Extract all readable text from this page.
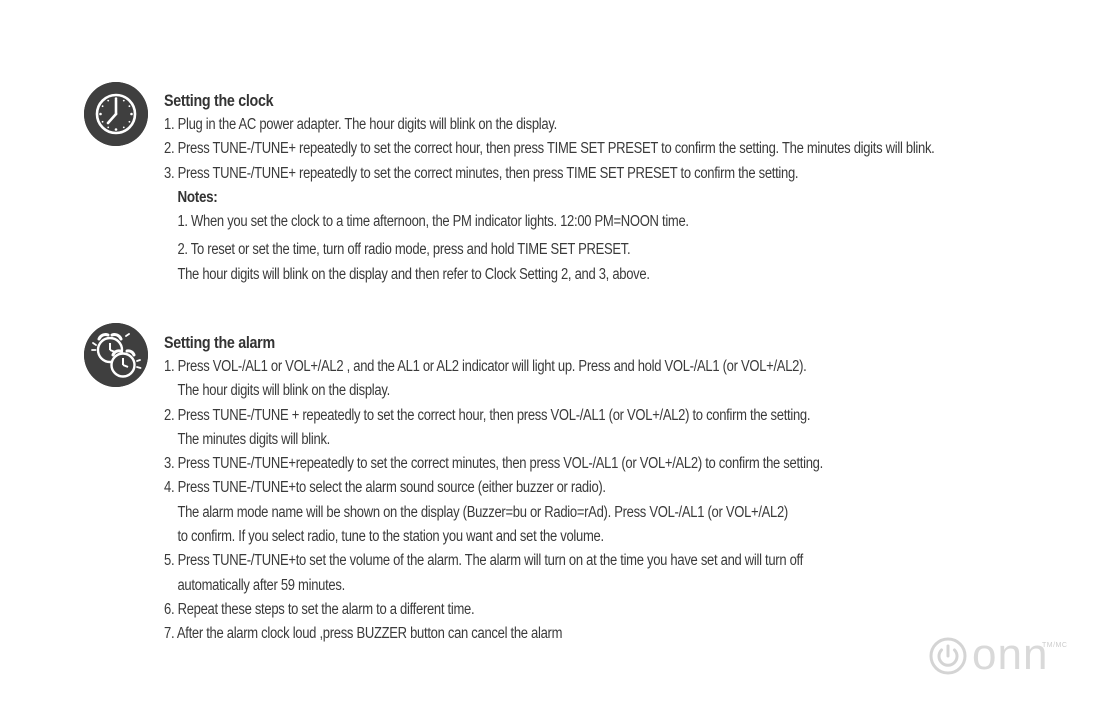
Setting the clock
1. Plug in the AC power adapter. The hour digits will blink on the display.
2. Press TUNE-/TUNE+ repeatedly to set the correct hour, then press TIME SET PRESET to confirm the setting. The minutes digits will blink.
3. Press TUNE-/TUNE+ repeatedly to set the correct minutes, then press TIME SET PRESET to confirm the setting.
Notes:
1. When you set the clock to a time afternoon, the PM indicator lights. 12:00 PM=NOON time.
2. To reset or set the time, turn off radio mode, press and hold TIME SET PRESET.
The hour digits will blink on the display and then refer to Clock Setting 2, and 3, above.
Setting the alarm
1. Press VOL-/AL1 or VOL+/AL2 , and the AL1 or AL2 indicator will light up. Press and hold VOL-/AL1 (or VOL+/AL2).
The hour digits will blink on the display.
2. Press TUNE-/TUNE + repeatedly to set the correct hour, then press VOL-/AL1 (or VOL+/AL2) to confirm the setting.
The minutes digits will blink.
3. Press TUNE-/TUNE+repeatedly to set the correct minutes, then press VOL-/AL1 (or VOL+/AL2) to confirm the setting.
4. Press TUNE-/TUNE+to select the alarm sound source (either buzzer or radio).
The alarm mode name will be shown on the display (Buzzer=bu or Radio=rAd). Press VOL-/AL1 (or VOL+/AL2)
to confirm. If you select radio, tune to the station you want and set the volume.
5. Press TUNE-/TUNE+to set the volume of the alarm. The alarm will turn on at the time you have set and will turn off
automatically after 59 minutes.
6. Repeat these steps to set the alarm to a different time.
7. After the alarm clock loud ,press BUZZER button can cancel the alarm	onn
TM/MC
